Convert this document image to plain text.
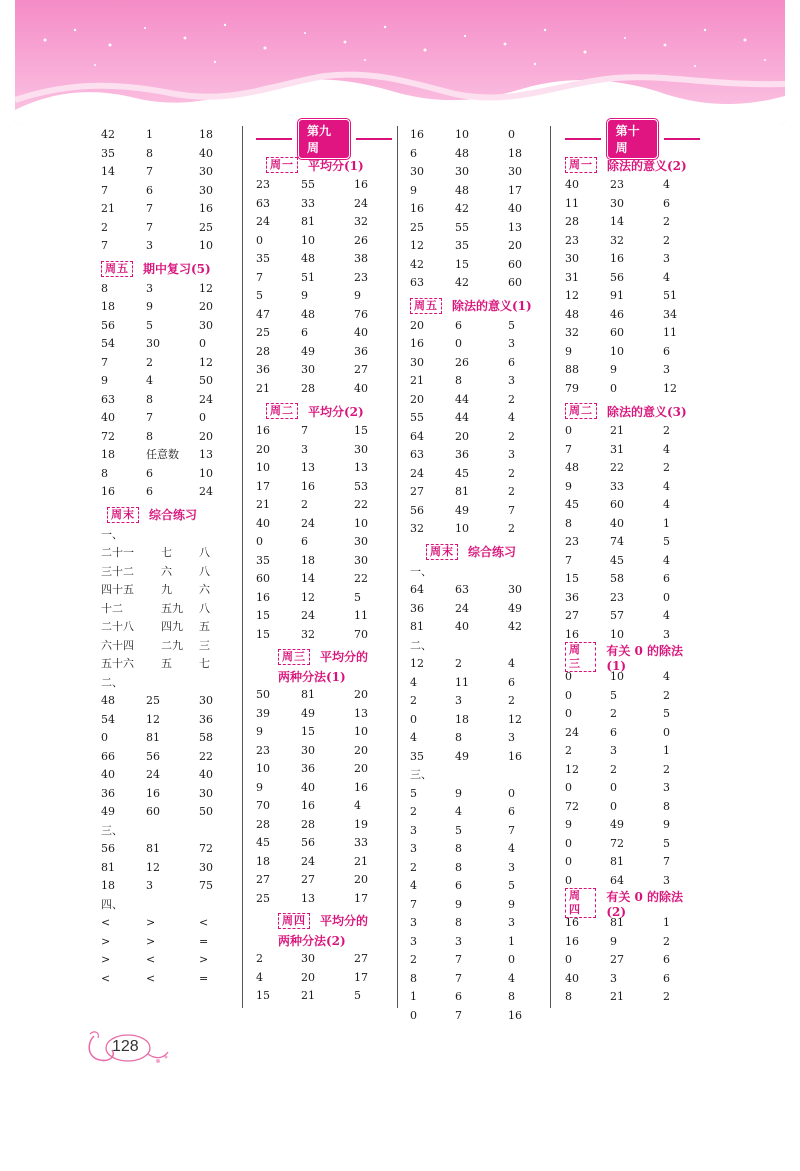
42	1	18
35	8	40
14	7	30
7	6	30
21	7	16
2	7	25
7	3	10
周五	期中复习(5)
8	3	12
18	9	20
56	5	30
54	30	0
7	2	12
9	4	50
63	8	24
40	7	0
72	8	20
18	任意数 13
8	6	10
16	6	24
周末	综合练习
一、
二十一 七 八
三十二 六 八
四十五 九 六
十二	五九 八
二十八 四九 五
六十四 二九 三
五十六 五 七
二、
48	25	30
54	12	36
0	81	58
66	56	22
40	24	40
36	16	30
49	60	50
三、
56	81	72
81	12	30
18	3	75
四、
<	>	<
>	>	=
>	<	>
<	<	=
第九周
周一	平均分(1)
23	55	16
63	33	24
24	81	32
0	10	26
35	48	38
7	51	23
5	9	9
47	48	76
25	6	40
28	49	36
36	30	27
21	28	40
周二	平均分(2)
16	7	15
20	3	30
10	13	13
17	16	53
21	2	22
40	24	10
0	6	30
35	18	30
60	14	22
16	12	5
15	24	11
15	32	70
周三	平均分的
两种分法(1)
50	81	20
39	49	13
9	15	10
23	30	20
10	36	20
9	40	16
70	16	4
28	28	19
45	56	33
18	24	21
27	27	20
25	13	17
周四	平均分的
两种分法(2)
2	30	27
4	20	17
15	21	5
16	10	0
6	48	18
30	30	30
9	48	17
16	42	40
25	55	13
12	35	20
42	15	60
63	42	60
周五	除法的意义(1)
20	6	5
16	0	3
30	26	6
21	8	3
20	44	2
55	44	4
64	20	2
63	36	3
24	45	2
27	81	2
56	49	7
32	10	2
周末	综合练习
一、
64	63	30
36	24	49
81	40	42
二、
12	2	4
4	11	6
2	3	2
0	18	12
4	8	3
35	49	16
三、
5	9	0
2	4	6
3	5	7
3	8	4
2	8	3
4	6	5
7	9	9
3	8	3
3	3	1
2	7	0
8	7	4
1	6	8
0	7	16
第十周
周一	除法的意义(2)
40	23	4
11	30	6
28	14	2
23	32	2
30	16	3
31	56	4
12	91	51
48	46	34
32	60	11
9	10	6
88	9	3
79	0	12
周二	除法的意义(3)
0	21	2
7	31	4
48	22	2
9	33	4
45	60	4
8	40	1
23	74	5
7	45	4
15	58	6
36	23	0
27	57	4
16	10	3
周三
有关 0 的除法(1)
0	10	4
0	5	2
0	2	5
24	6	0
2	3	1
12	2	2
0	0	3
72	0	8
9	49	9
0	72	5
0	81	7
0	64	3
周四
有关 0 的除法(2)
16	81	1
16	9	2
0	27	6
40	3	6
8	21	2
128
